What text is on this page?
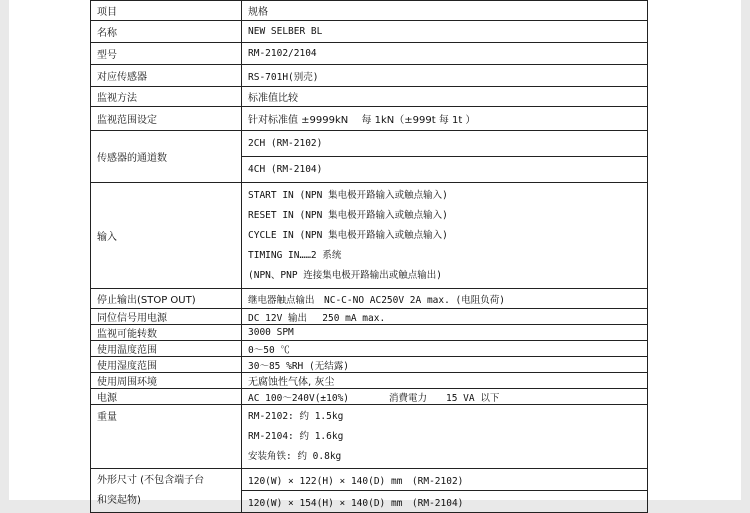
项目	规格
名称	NEW SELBER BL
型号	RM-2102/2104
对应传感器	RS-701H(别売)
监视方法	标准值比较
监视范围设定	针对标准值 ±9999kN　 每 1kN（±999t 每 1t ）
传感器的通道数	2CH (RM-2102)
	4CH (RM-2104)
输入	START IN (NPN 集电极开路输入或触点输入)
RESET IN (NPN 集电极开路输入或触点输入)
CYCLE IN (NPN 集电极开路输入或触点输入)
TIMING IN……2 系统
(NPN、PNP 连接集电极开路输出或触点输出)

停止输出(STOP OUT)	继电器触点输出　NC-C-NO AC250V 2A max. (电阻负荷)
同位信号用电源	DC 12V 输出　 250 mA max.
监视可能转数	3000 SPM
使用温度范围	0～50 ℃
使用湿度范围	30～85 %RH (无结露)
使用周围环境	无腐蚀性气体, 灰尘
电源	AC 100～240V(±10%) 消費電力　　15 VA 以下
重量	RM-2102: 约 1.5kg
RM-2104: 约 1.6kg
安装角铁: 约 0.8kg

外形尺寸 (不包含端子台
和突起物)	120(W) × 122(H) × 140(D) mm　(RM-2102)
	120(W) × 154(H) × 140(D) mm　(RM-2104)
